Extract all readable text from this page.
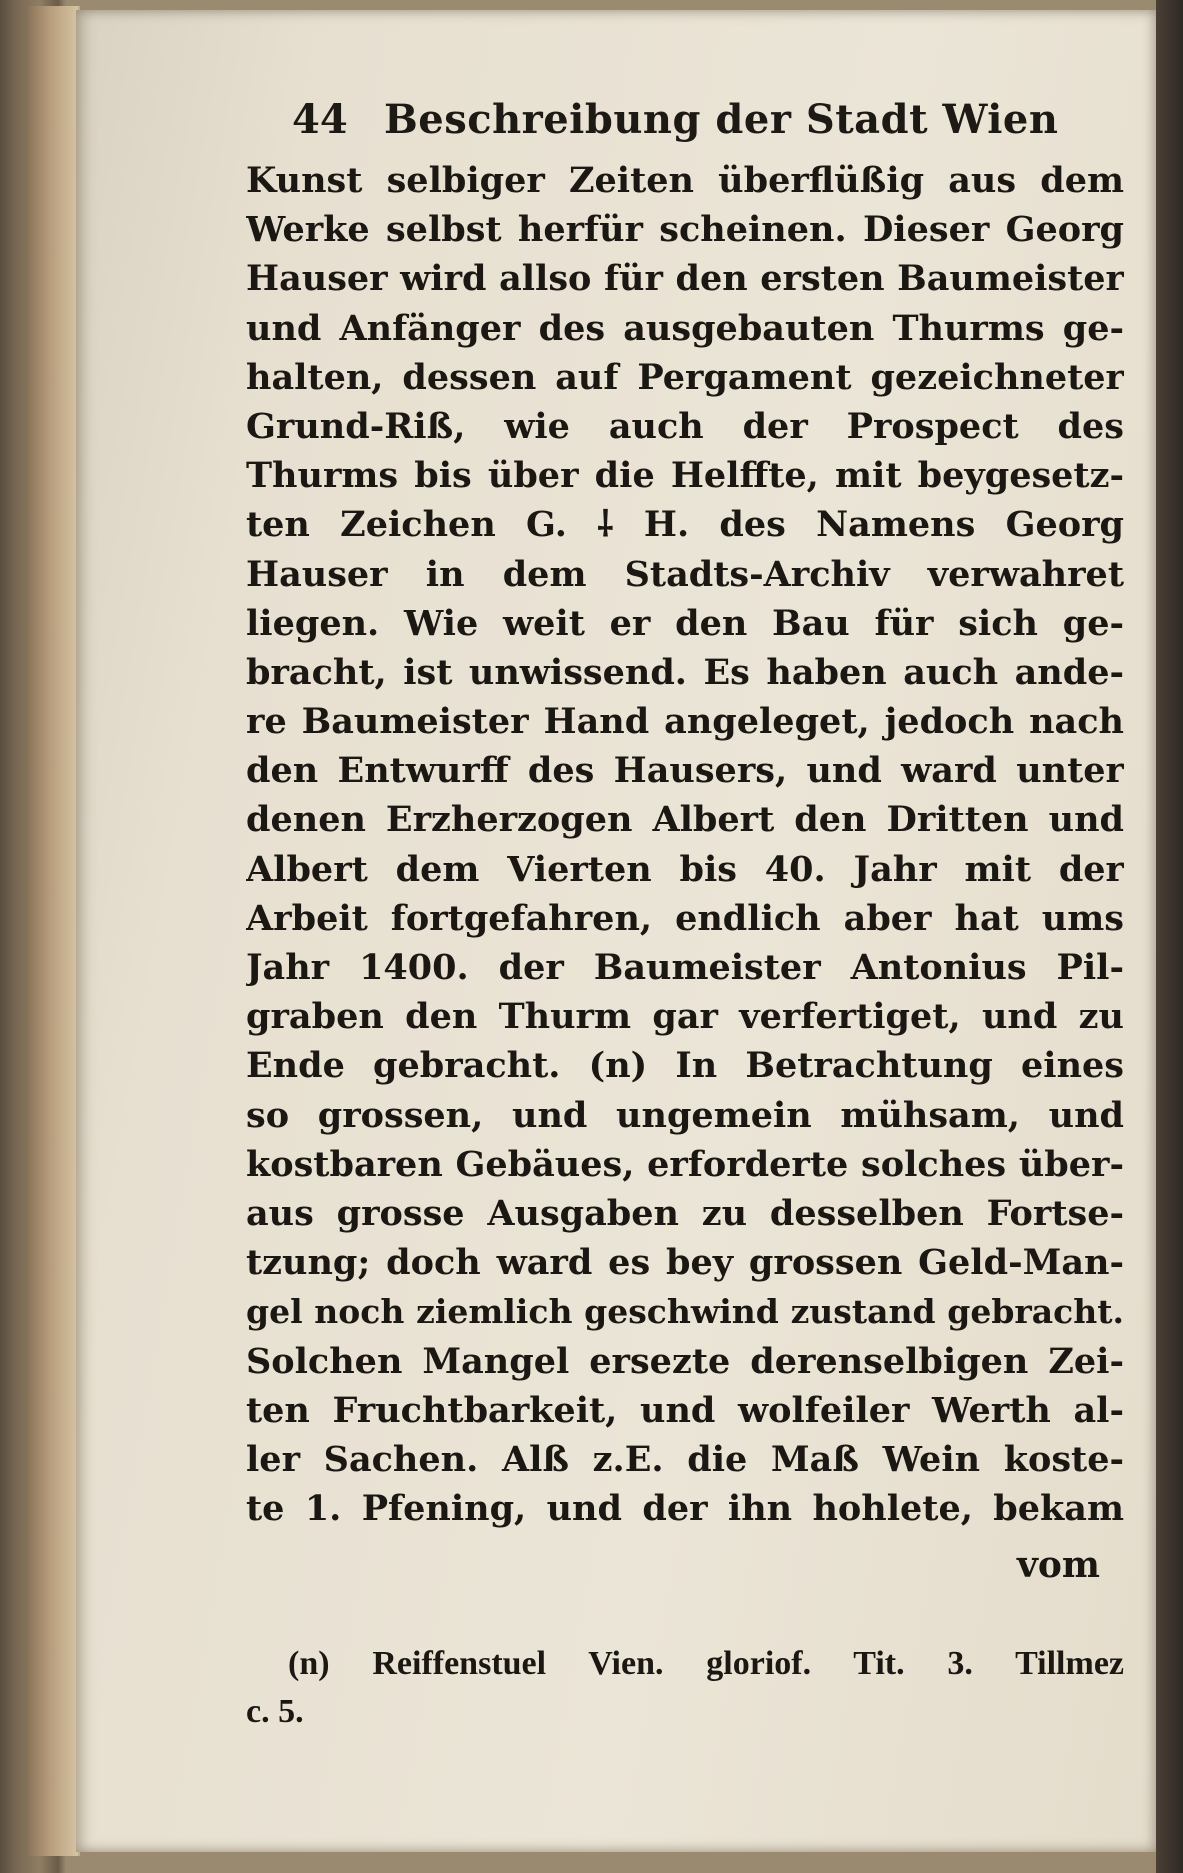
44 Beschreibung der Stadt Wien
Kunst selbiger Zeiten überflüßig aus dem
Werke selbst herfür scheinen. Dieser Georg
Hauser wird allso für den ersten Baumeister
und Anfänger des ausgebauten Thurms ge-
halten, dessen auf Pergament gezeichneter
Grund-Riß, wie auch der Prospect des
Thurms bis über die Helffte, mit beygesetz-
ten Zeichen G. ⸸ H. des Namens Georg
Hauser in dem Stadts-Archiv verwahret
liegen. Wie weit er den Bau für sich ge-
bracht, ist unwissend. Es haben auch ande-
re Baumeister Hand angeleget, jedoch nach
den Entwurff des Hausers, und ward unter
denen Erzherzogen Albert den Dritten und
Albert dem Vierten bis 40. Jahr mit der
Arbeit fortgefahren, endlich aber hat ums
Jahr 1400. der Baumeister Antonius Pil-
graben den Thurm gar verfertiget, und zu
Ende gebracht. (n) In Betrachtung eines
so grossen, und ungemein mühsam, und
kostbaren Gebäues, erforderte solches über-
aus grosse Ausgaben zu desselben Fortse-
tzung; doch ward es bey grossen Geld-Man-
gel noch ziemlich geschwind zustand gebracht.
Solchen Mangel ersezte derenselbigen Zei-
ten Fruchtbarkeit, und wolfeiler Werth al-
ler Sachen. Alß z.E. die Maß Wein koste-
te 1. Pfening, und der ihn hohlete, bekam
vom
(n) Reiffenstuel Vien. gloriof. Tit. 3. Tillmez
c. 5.
